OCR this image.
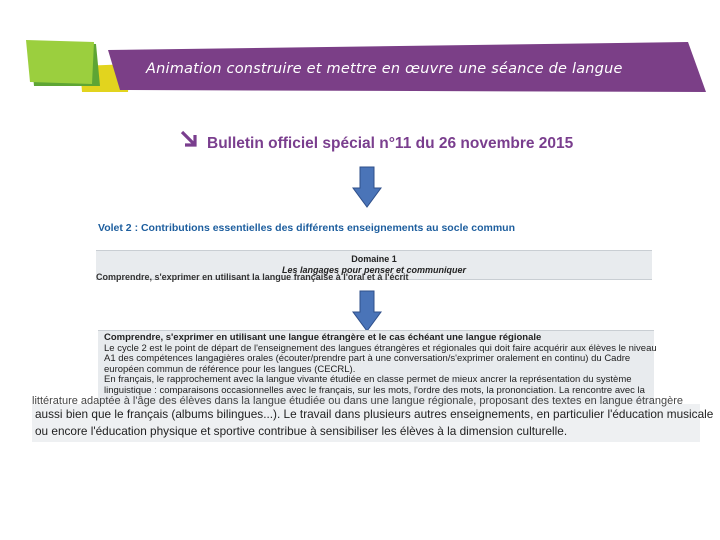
Animation construire et mettre en œuvre une séance de langue
Bulletin officiel spécial n°11 du 26 novembre 2015
Volet 2 : Contributions essentielles des différents enseignements au socle commun
Domaine 1
Les langages pour penser et communiquer
Comprendre, s'exprimer en utilisant la langue française à l'oral et à l'écrit
Comprendre, s'exprimer en utilisant une langue étrangère et le cas échéant une langue régionale
Le cycle 2 est le point de départ de l'enseignement des langues étrangères et régionales qui doit faire acquérir aux élèves le niveau
A1 des compétences langagières orales (écouter/prendre part à une conversation/s'exprimer oralement en continu) du Cadre
européen commun de référence pour les langues (CECRL).
En français, le rapprochement avec la langue vivante étudiée en classe permet de mieux ancrer la représentation du système
linguistique : comparaisons occasionnelles avec le français, sur les mots, l'ordre des mots, la prononciation. La rencontre avec la
littérature adaptée à l'âge des élèves dans la langue étudiée ou dans une langue régionale, proposant des textes en langue étrangère
aussi bien que le français (albums bilingues...). Le travail dans plusieurs autres enseignements, en particulier l'éducation musicale
ou encore l'éducation physique et sportive contribue à sensibiliser les élèves à la dimension culturelle.
